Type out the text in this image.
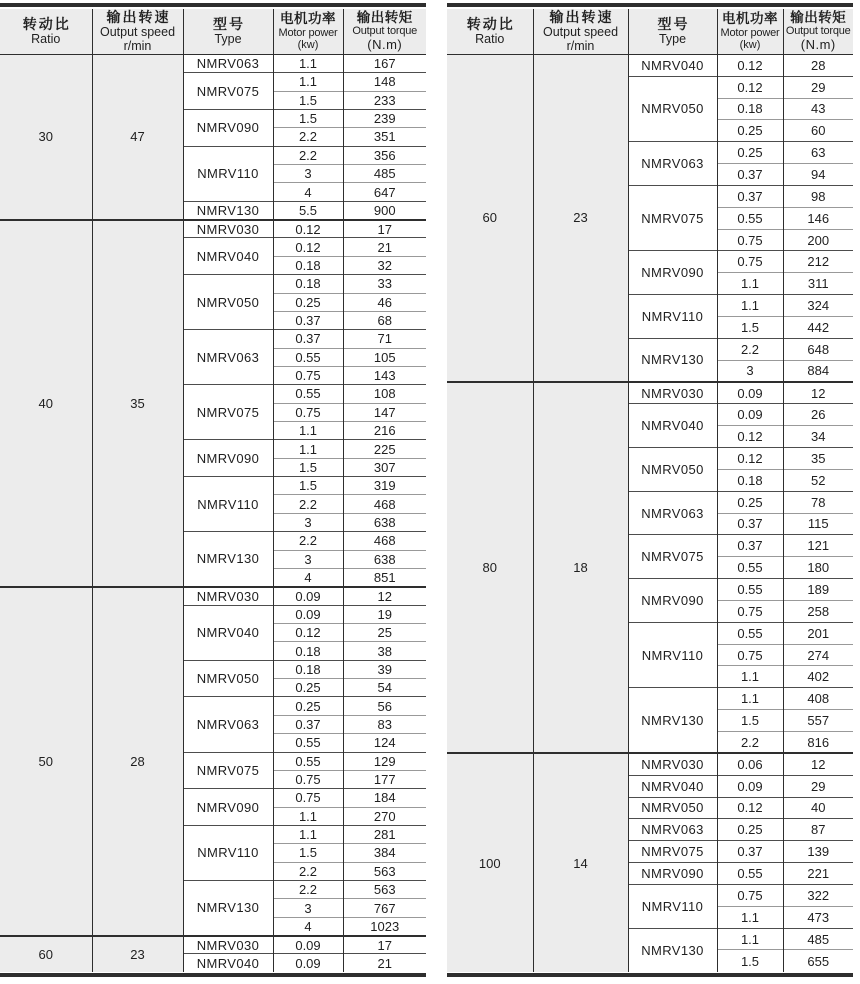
转动比
Ratio

输出转速
Output speed
r/min

型号
Type

电机功率
Motor power
(kw)

输出转矩
Output torque
(N.m)

30	47	NMRV063	1.1	167
		NMRV075	1.1	148
			1.5	233
		NMRV090	1.5	239
			2.2	351
		NMRV110	2.2	356
			3	485
			4	647
		NMRV130	5.5	900
40	35	NMRV030	0.12	17
		NMRV040	0.12	21
			0.18	32
		NMRV050	0.18	33
			0.25	46
			0.37	68
		NMRV063	0.37	71
			0.55	105
			0.75	143
		NMRV075	0.55	108
			0.75	147
			1.1	216
		NMRV090	1.1	225
			1.5	307
		NMRV110	1.5	319
			2.2	468
			3	638
		NMRV130	2.2	468
			3	638
			4	851
50	28	NMRV030	0.09	12
		NMRV040	0.09	19
			0.12	25
			0.18	38
		NMRV050	0.18	39
			0.25	54
		NMRV063	0.25	56
			0.37	83
			0.55	124
		NMRV075	0.55	129
			0.75	177
		NMRV090	0.75	184
			1.1	270
		NMRV110	1.1	281
			1.5	384
			2.2	563
		NMRV130	2.2	563
			3	767
			4	1023
60	23	NMRV030	0.09	17
		NMRV040	0.09	21
转动比
Ratio

输出转速
Output speed
r/min

型号
Type

电机功率
Motor power
(kw)

输出转矩
Output torque
(N.m)

60	23	NMRV040	0.12	28
		NMRV050	0.12	29
			0.18	43
			0.25	60
		NMRV063	0.25	63
			0.37	94
		NMRV075	0.37	98
			0.55	146
			0.75	200
		NMRV090	0.75	212
			1.1	311
		NMRV110	1.1	324
			1.5	442
		NMRV130	2.2	648
			3	884
80	18	NMRV030	0.09	12
		NMRV040	0.09	26
			0.12	34
		NMRV050	0.12	35
			0.18	52
		NMRV063	0.25	78
			0.37	115
		NMRV075	0.37	121
			0.55	180
		NMRV090	0.55	189
			0.75	258
		NMRV110	0.55	201
			0.75	274
			1.1	402
		NMRV130	1.1	408
			1.5	557
			2.2	816
100	14	NMRV030	0.06	12
		NMRV040	0.09	29
		NMRV050	0.12	40
		NMRV063	0.25	87
		NMRV075	0.37	139
		NMRV090	0.55	221
		NMRV110	0.75	322
			1.1	473
		NMRV130	1.1	485
			1.5	655
